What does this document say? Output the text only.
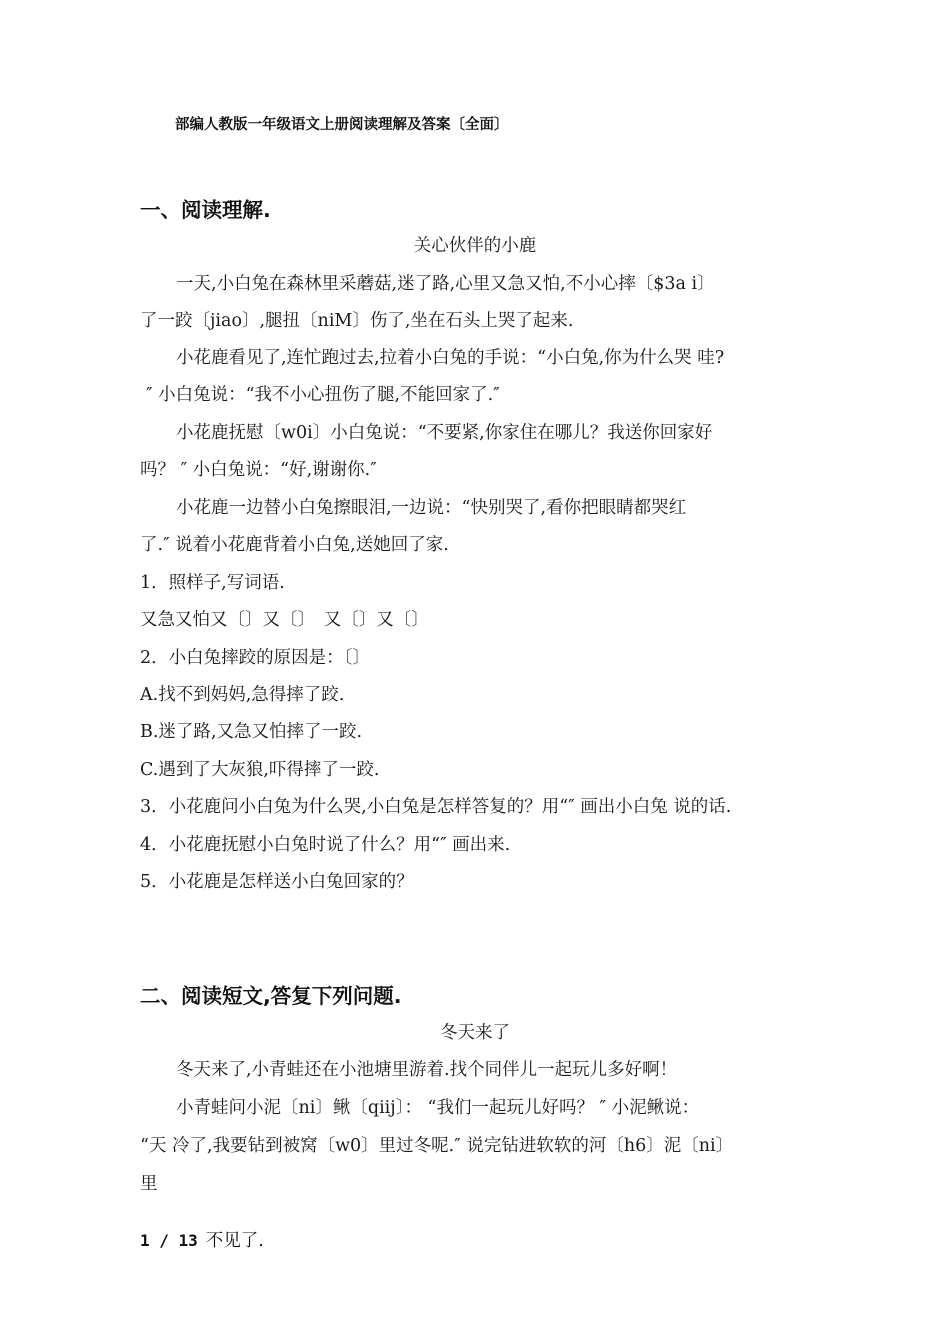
部编人教版一年级语文上册阅读理解及答案〔全面〕
一、阅读理解.
关心伙伴的小鹿
一天,小白兔在森林里采蘑菇,迷了路,心里又急又怕,不小心摔〔$3a i〕
了一跤〔jiao〕,腿扭〔niM〕伤了,坐在石头上哭了起来.
小花鹿看见了,连忙跑过去,拉着小白兔的手说：“小白兔,你为什么哭 哇?
″ 小白兔说：“我不小心扭伤了腿,不能回家了.″
小花鹿抚慰〔w0i〕小白兔说：“不要紧,你家住在哪儿？我送你回家好
吗？ ″ 小白兔说：“好,谢谢你.″
小花鹿一边替小白兔擦眼泪,一边说：“快别哭了,看你把眼睛都哭红
了.″ 说着小花鹿背着小白兔,送她回了家.
1．照样子,写词语.
又急又怕又〔〕又〔〕　又〔〕又〔〕
2．小白兔摔跤的原因是：〔〕
A.找不到妈妈,急得摔了跤.
B.迷了路,又急又怕摔了一跤.
C.遇到了大灰狼,吓得摔了一跤.
3．小花鹿问小白兔为什么哭,小白兔是怎样答复的？用“″ 画出小白兔 说的话.
4．小花鹿抚慰小白兔时说了什么？用“″ 画出来.
5．小花鹿是怎样送小白兔回家的？
二、阅读短文,答复下列问题.
冬天来了
冬天来了,小青蛙还在小池塘里游着.找个同伴儿一起玩儿多好啊！
小青蛙问小泥〔ni〕鳅〔qiij〕： “我们一起玩儿好吗？ ″ 小泥鳅说：
“天 冷了,我要钻到被窝〔w0〕里过冬呢.″ 说完钻进软软的河〔h6〕泥〔ni〕
里
1 / 13 不见了.
